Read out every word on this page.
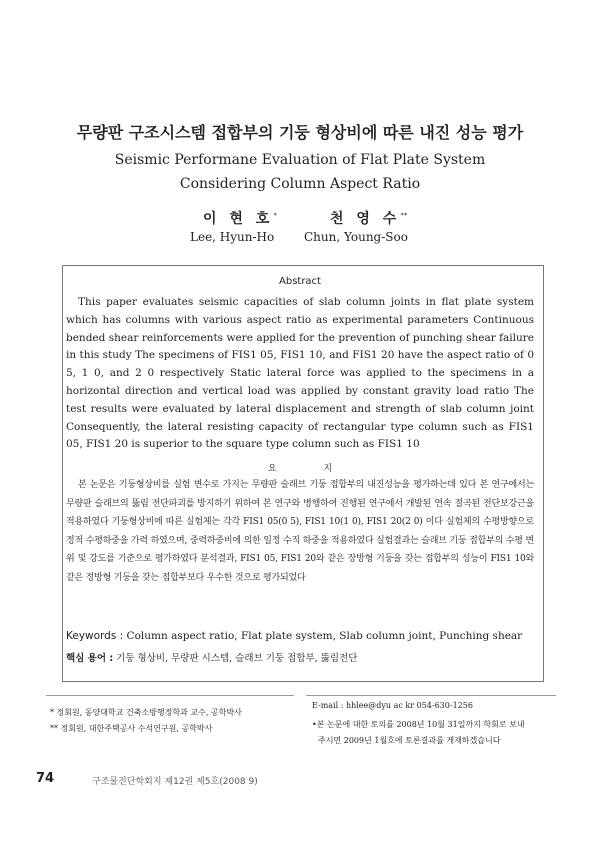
무량판 구조시스템 접합부의 기둥 형상비에 따른 내진 성능 평가
Seismic Performane Evaluation of Flat Plate System
Considering Column Aspect Ratio
이 현 호*	천 영 수**
Lee, Hyun-Ho Chun, Young-Soo
Abstract

This paper evaluates seismic capacities of slab column joints in flat plate system which has columns with various aspect ratio as experimental parameters Continuous bended shear reinforcements were applied for the prevention of punching shear failure in this study The specimens of FIS1 05, FIS1 10, and FIS1 20 have the aspect ratio of 0 5, 1 0, and 2 0 respectively Static lateral force was applied to the specimens in a horizontal direction and vertical load was applied by constant gravity load ratio The test results were evaluated by lateral displacement and strength of slab column joint Consequently, the lateral resisting capacity of rectangular type column such as FIS1 05, FIS1 20 is superior to the square type column such as FIS1 10

요 지

본 논문은 기둥형상비를 실험 변수로 가지는 무량판 슬래브 기둥 접합부의 내진성능을 평가하는데 있다 본 연구에서는 무량판 슬래브의 뚫림 전단파괴를 방지하기 위하여 본 연구와 병행하여 진행된 연구에서 개발된 연속 절곡된 전단보강근을 적용하였다 기둥형상비에 따른 실험체는 각각 FIS1 05(0 5), FIS1 10(1 0), FIS1 20(2 0) 이다 실험체의 수평방향으로 정적 수평하중을 가력 하였으며, 중력하중비에 의한 일정 수직 하중을 적용하였다 실험결과는 슬래브 기둥 접합부의 수평 변위 및 강도를 기준으로 평가하였다 분석결과, FIS1 05, FIS1 20와 같은 장방형 기둥을 갖는 접합부의 성능이 FIS1 10와 같은 정방형 기둥을 갖는 접합부보다 우수한 것으로 평가되었다

Keywords : Column aspect ratio, Flat plate system, Slab column joint, Punching shear
핵심 용어 : 기둥 형상비, 무량판 시스템, 슬래브 기둥 접합부, 뚫림전단
* 정회원, 동양대학교 건축소방행정학과 교수, 공학박사
** 정회원, 대한주택공사 수석연구원, 공학박사
E-mail : hhlee@dyu ac kr 054-630-1256
•본 논문에 대한 토의를 2008년 10월 31일까지 학회로 보내
주시면 2009년 1월호에 토론결과를 게재하겠습니다
74	구조물진단학회지 제12권 제5호(2008 9)
